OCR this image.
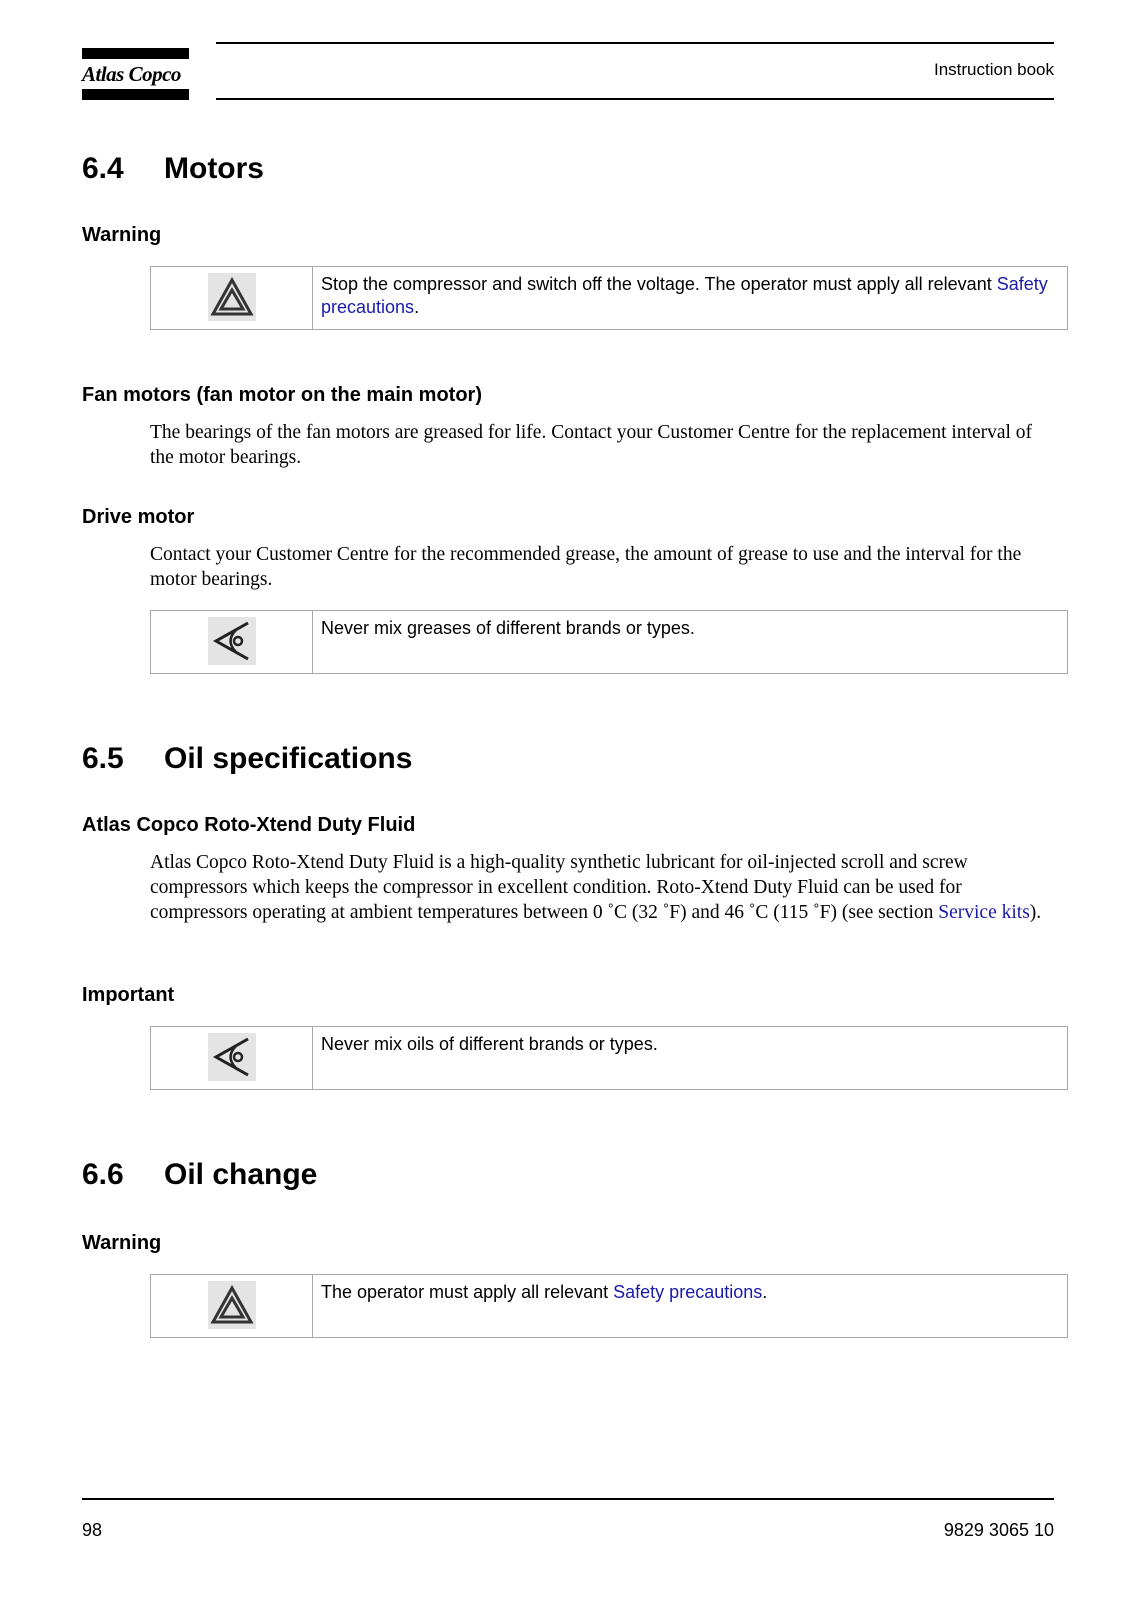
Atlas Copco	Instruction book
6.4 Motors
Warning
Stop the compressor and switch off the voltage. The operator must apply all relevant Safety precautions.
Fan motors (fan motor on the main motor)
The bearings of the fan motors are greased for life. Contact your Customer Centre for the replacement interval of the motor bearings.
Drive motor
Contact your Customer Centre for the recommended grease, the amount of grease to use and the interval for the motor bearings.
Never mix greases of different brands or types.
6.5 Oil specifications
Atlas Copco Roto-Xtend Duty Fluid
Atlas Copco Roto-Xtend Duty Fluid is a high-quality synthetic lubricant for oil-injected scroll and screw compressors which keeps the compressor in excellent condition. Roto-Xtend Duty Fluid can be used for compressors operating at ambient temperatures between 0 ˚C (32 ˚F) and 46 ˚C (115 ˚F) (see section Service kits).
Important
Never mix oils of different brands or types.
6.6 Oil change
Warning
The operator must apply all relevant Safety precautions.
98	9829 3065 10
